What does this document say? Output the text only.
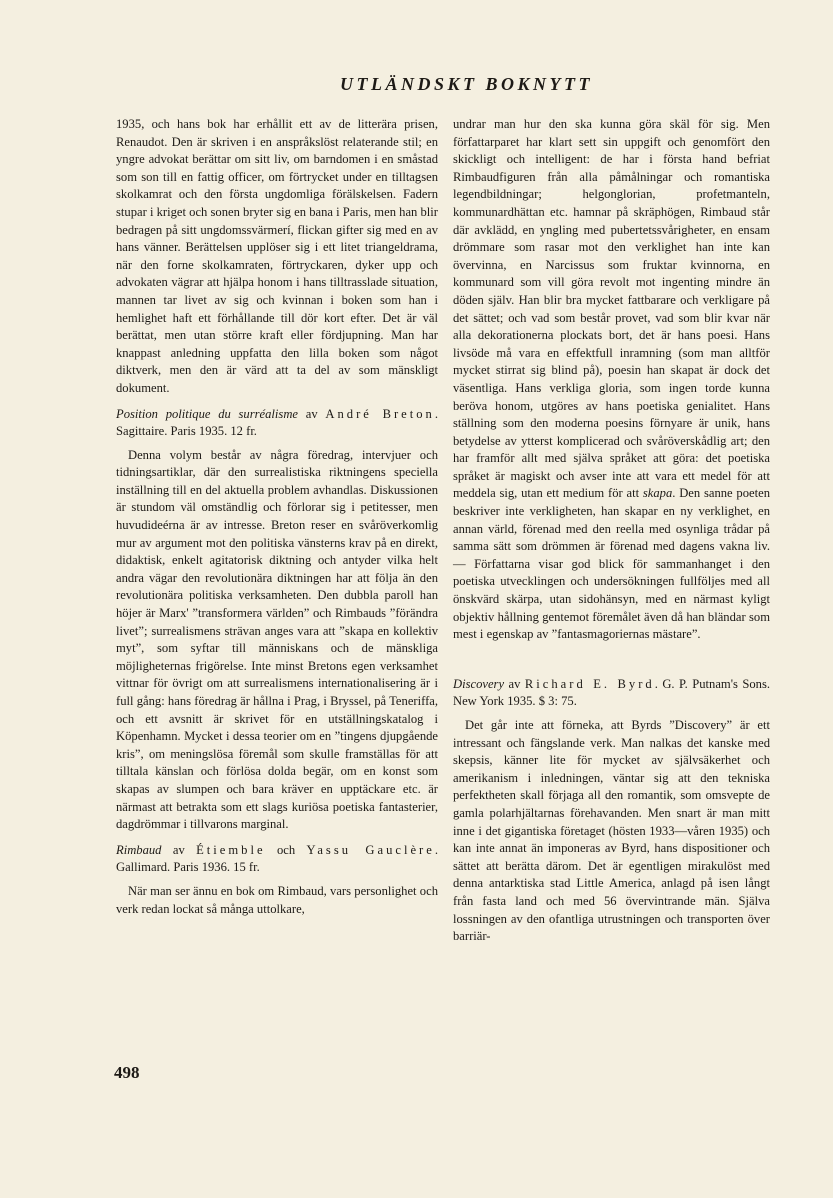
UTLÄNDSKT BOKNYTT

1935, och hans bok har erhållit ett av de litterära prisen, Renaudot. Den är skriven i en anspråkslöst relaterande stil; en yngre advokat berättar om sitt liv, om barndomen i en småstad som son till en fattig officer, om förtrycket under en tilltagsen skolkamrat och den första ungdomliga förälskelsen. Fadern stupar i kriget och sonen bryter sig en bana i Paris, men han blir bedragen på sitt ungdomssvärmerí, flickan gifter sig med en av hans vänner. Berättelsen upplöser sig i ett litet triangeldrama, när den forne skolkamraten, förtryckaren, dyker upp och advokaten vägrar att hjälpa honom i hans tilltrasslade situation, mannen tar livet av sig och kvinnan i boken som han i hemlighet haft ett förhållande till dör kort efter. Det är väl berättat, men utan större kraft eller fördjupning. Man har knappast anledning uppfatta den lilla boken som något diktverk, men den är värd att ta del av som mänskligt dokument.

Position politique du surréalisme av André Breton. Sagittaire. Paris 1935. 12 fr.

Denna volym består av några föredrag, intervjuer och tidningsartiklar, där den surrealistiska riktningens speciella inställning till en del aktuella problem avhandlas. Diskussionen är stundom väl omständlig och förlorar sig i petitesser, men huvudideérna är av intresse. Breton reser en svåröverkomlig mur av argument mot den politiska vänsterns krav på en direkt, didaktisk, enkelt agitatorisk diktning och antyder vilka helt andra vägar den revolutionära diktningen har att följa än den revolutionära politiska verksamheten. Den dubbla paroll han höjer är Marx' ”transformera världen” och Rimbauds ”förändra livet”; surrealismens strävan anges vara att ”skapa en kollektiv myt”, som syftar till människans och de mänskliga möjligheternas frigörelse. Inte minst Bretons egen verksamhet vittnar för övrigt om att surrealismens internationalisering är i full gång: hans föredrag är hållna i Prag, i Bryssel, på Teneriffa, och ett avsnitt är skrivet för en utställningskatalog i Köpenhamn. Mycket i dessa teorier om en ”tingens djupgående kris”, om meningslösa föremål som skulle framställas för att tilltala känslan och förlösa dolda begär, om en konst som skapas av slumpen och bara kräver en upptäckare etc. är närmast att betrakta som ett slags kuriösa poetiska fantasterier, dagdrömmar i tillvarons marginal.

Rimbaud av Étiemble och Yassu Gauclère. Gallimard. Paris 1936. 15 fr.

När man ser ännu en bok om Rimbaud, vars personlighet och verk redan lockat så många uttolkare,

undrar man hur den ska kunna göra skäl för sig. Men författarparet har klart sett sin uppgift och genomfört den skickligt och intelligent: de har i första hand befriat Rimbaudfiguren från alla påmålningar och romantiska legendbildningar; helgonglorian, profetmanteln, kommunardhättan etc. hamnar på skräphögen, Rimbaud står där avklädd, en yngling med pubertetssvårigheter, en ensam drömmare som rasar mot den verklighet han inte kan övervinna, en Narcissus som fruktar kvinnorna, en kommunard som vill göra revolt mot ingenting mindre än döden själv. Han blir bra mycket fattbarare och verkligare på det sättet; och vad som består provet, vad som blir kvar när alla dekorationerna plockats bort, det är hans poesi. Hans livsöde må vara en effektfull inramning (som man alltför mycket stirrat sig blind på), poesin han skapat är dock det väsentliga. Hans verkliga gloria, som ingen torde kunna beröva honom, utgöres av hans poetiska genialitet. Hans ställning som den moderna poesins förnyare är unik, hans betydelse av ytterst komplicerad och svåröverskådlig art; den har framför allt med själva språket att göra: det poetiska språket är magiskt och avser inte att vara ett medel för att meddela sig, utan ett medium för att skapa. Den sanne poeten beskriver inte verkligheten, han skapar en ny verklighet, en annan värld, förenad med den reella med osynliga trådar på samma sätt som drömmen är förenad med dagens vakna liv. — Författarna visar god blick för sammanhanget i den poetiska utvecklingen och undersökningen fullföljes med all önskvärd skärpa, utan sidohänsyn, med en närmast kyligt objektiv hållning gentemot föremålet även då han bländar som mest i egenskap av ”fantasmagoriernas mästare”.

Discovery av Richard E. Byrd. G. P. Putnam's Sons. New York 1935. $ 3: 75.

Det går inte att förneka, att Byrds ”Discovery” är ett intressant och fängslande verk. Man nalkas det kanske med skepsis, känner lite för mycket av självsäkerhet och amerikanism i inledningen, väntar sig att den tekniska perfektheten skall förjaga all den romantik, som omsvepte de gamla polarhjältarnas förehavanden. Men snart är man mitt inne i det gigantiska företaget (hösten 1933—våren 1935) och kan inte annat än imponeras av Byrd, hans dispositioner och sättet att berätta därom. Det är egentligen mirakulöst med denna antarktiska stad Little America, anlagd på isen långt från fasta land och med 56 övervintrande män. Själva lossningen av den ofantliga utrustningen och transporten över barriär-

498
